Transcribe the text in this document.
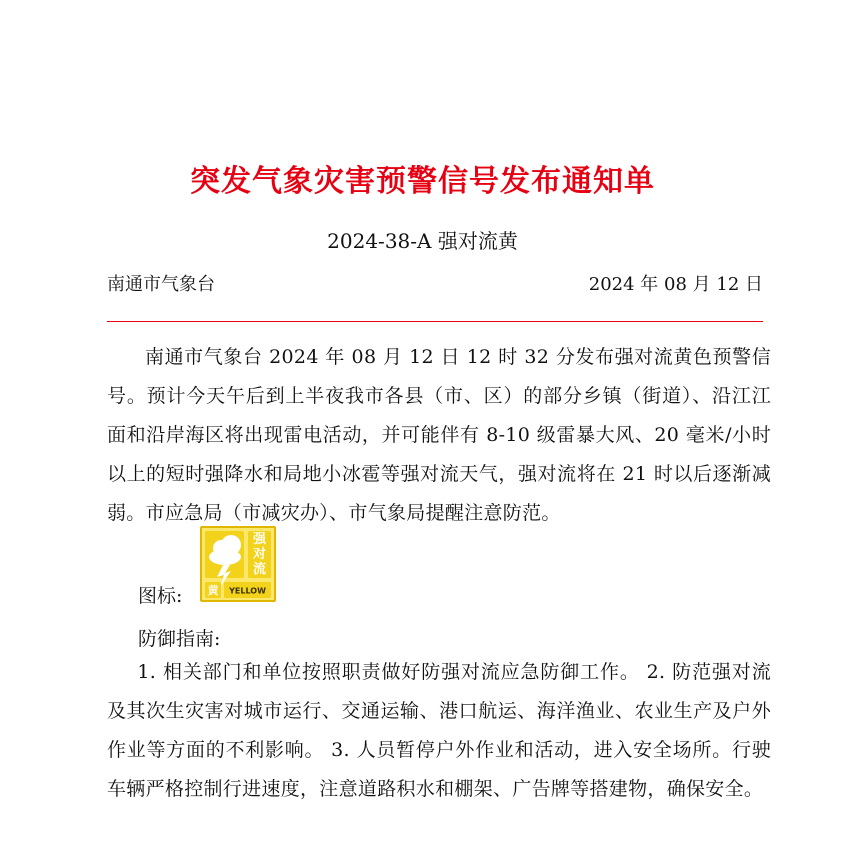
突发气象灾害预警信号发布通知单
2024-38-A 强对流黄
南通市气象台	2024 年 08 月 12 日

南通市气象台 2024 年 08 月 12 日 12 时 32 分发布强对流黄色预警信号。预计今天午后到上半夜我市各县（市、区）的部分乡镇（街道）、沿江江面和沿岸海区将出现雷电活动，并可能伴有 8-10 级雷暴大风、20 毫米/小时以上的短时强降水和局地小冰雹等强对流天气，强对流将在 21 时以后逐渐减弱。市应急局（市减灾办）、市气象局提醒注意防范。

图标:
强
对
流
黄 YELLOW
防御指南:

1. 相关部门和单位按照职责做好防强对流应急防御工作。 2. 防范强对流及其次生灾害对城市运行、交通运输、港口航运、海洋渔业、农业生产及户外作业等方面的不利影响。 3. 人员暂停户外作业和活动，进入安全场所。行驶车辆严格控制行进速度，注意道路积水和棚架、广告牌等搭建物，确保安全。
